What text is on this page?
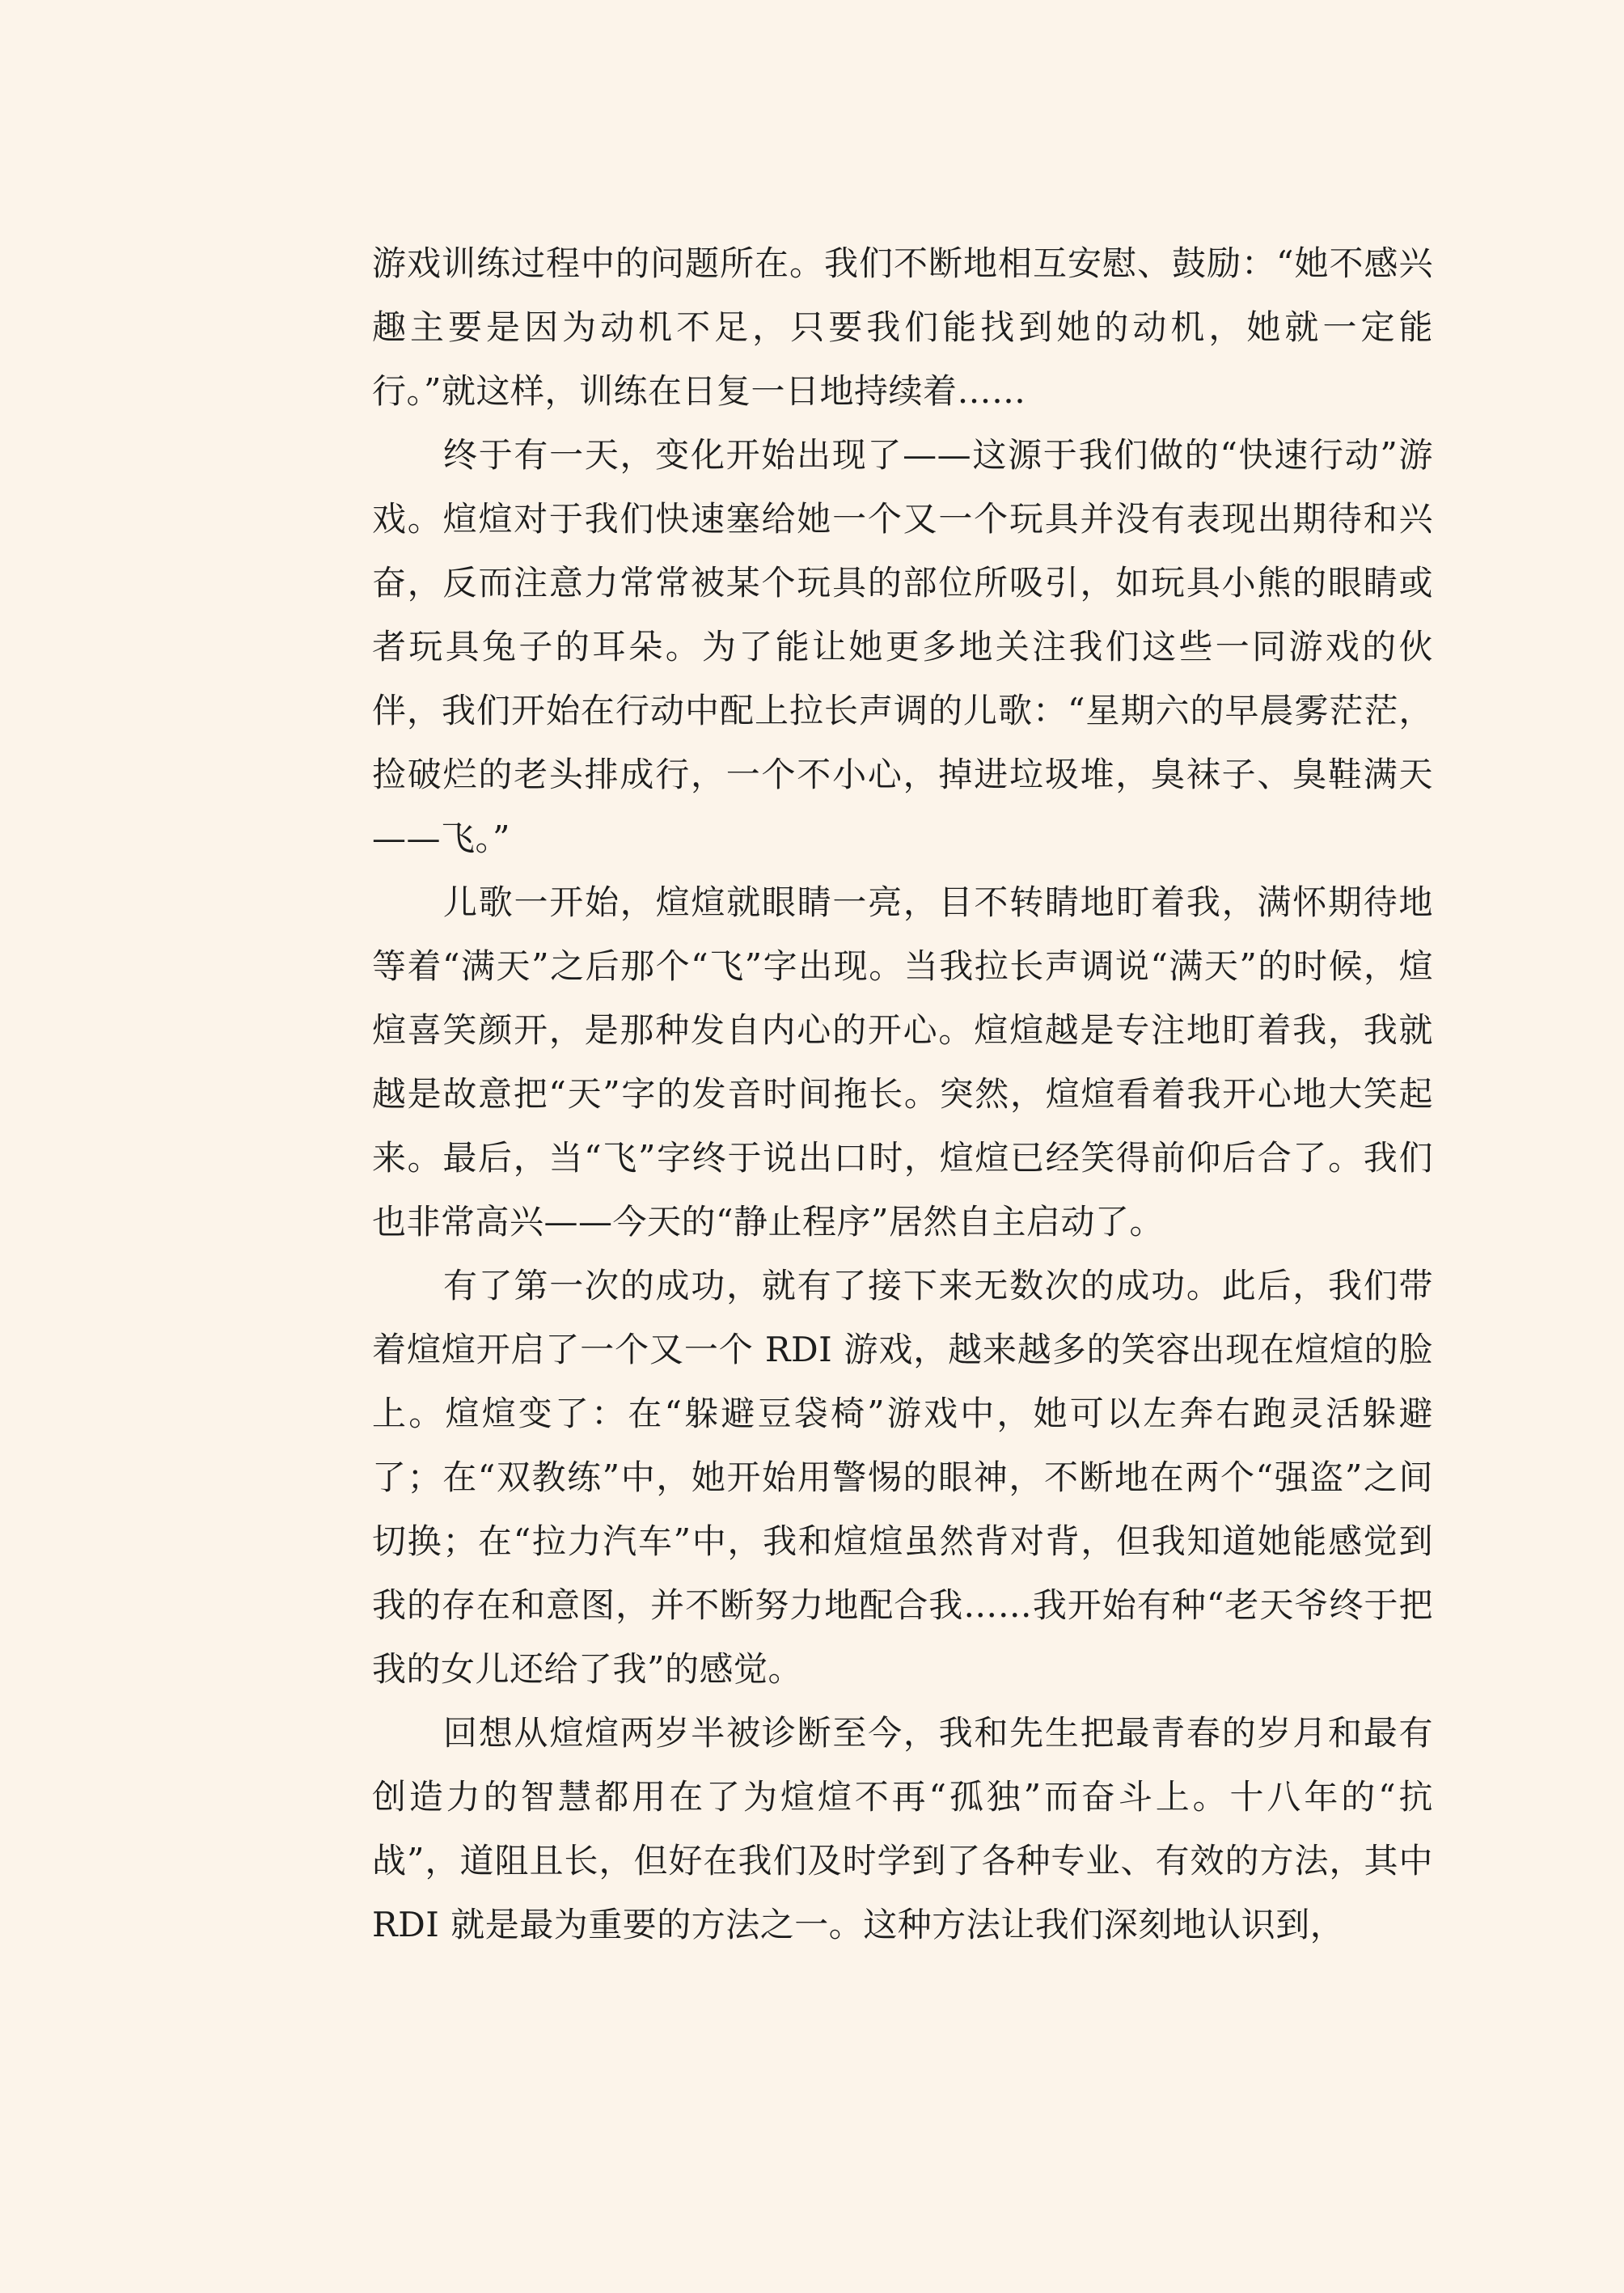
游戏训练过程中的问题所在。我们不断地相互安慰、鼓励：“她不感兴趣主要是因为动机不足，只要我们能找到她的动机，她就一定能行。”就这样，训练在日复一日地持续着……

终于有一天，变化开始出现了——这源于我们做的“快速行动”游戏。煊煊对于我们快速塞给她一个又一个玩具并没有表现出期待和兴奋，反而注意力常常被某个玩具的部位所吸引，如玩具小熊的眼睛或者玩具兔子的耳朵。为了能让她更多地关注我们这些一同游戏的伙伴，我们开始在行动中配上拉长声调的儿歌：“星期六的早晨雾茫茫，捡破烂的老头排成行，一个不小心，掉进垃圾堆，臭袜子、臭鞋满天——飞。”

儿歌一开始，煊煊就眼睛一亮，目不转睛地盯着我，满怀期待地等着“满天”之后那个“飞”字出现。当我拉长声调说“满天”的时候，煊煊喜笑颜开，是那种发自内心的开心。煊煊越是专注地盯着我，我就越是故意把“天”字的发音时间拖长。突然，煊煊看着我开心地大笑起来。最后，当“飞”字终于说出口时，煊煊已经笑得前仰后合了。我们也非常高兴——今天的“静止程序”居然自主启动了。

有了第一次的成功，就有了接下来无数次的成功。此后，我们带着煊煊开启了一个又一个 RDI 游戏，越来越多的笑容出现在煊煊的脸上。煊煊变了：在“躲避豆袋椅”游戏中，她可以左奔右跑灵活躲避了；在“双教练”中，她开始用警惕的眼神，不断地在两个“强盗”之间切换；在“拉力汽车”中，我和煊煊虽然背对背，但我知道她能感觉到我的存在和意图，并不断努力地配合我……我开始有种“老天爷终于把我的女儿还给了我”的感觉。

回想从煊煊两岁半被诊断至今，我和先生把最青春的岁月和最有创造力的智慧都用在了为煊煊不再“孤独”而奋斗上。十八年的“抗战”，道阻且长，但好在我们及时学到了各种专业、有效的方法，其中 RDI 就是最为重要的方法之一。这种方法让我们深刻地认识到，
